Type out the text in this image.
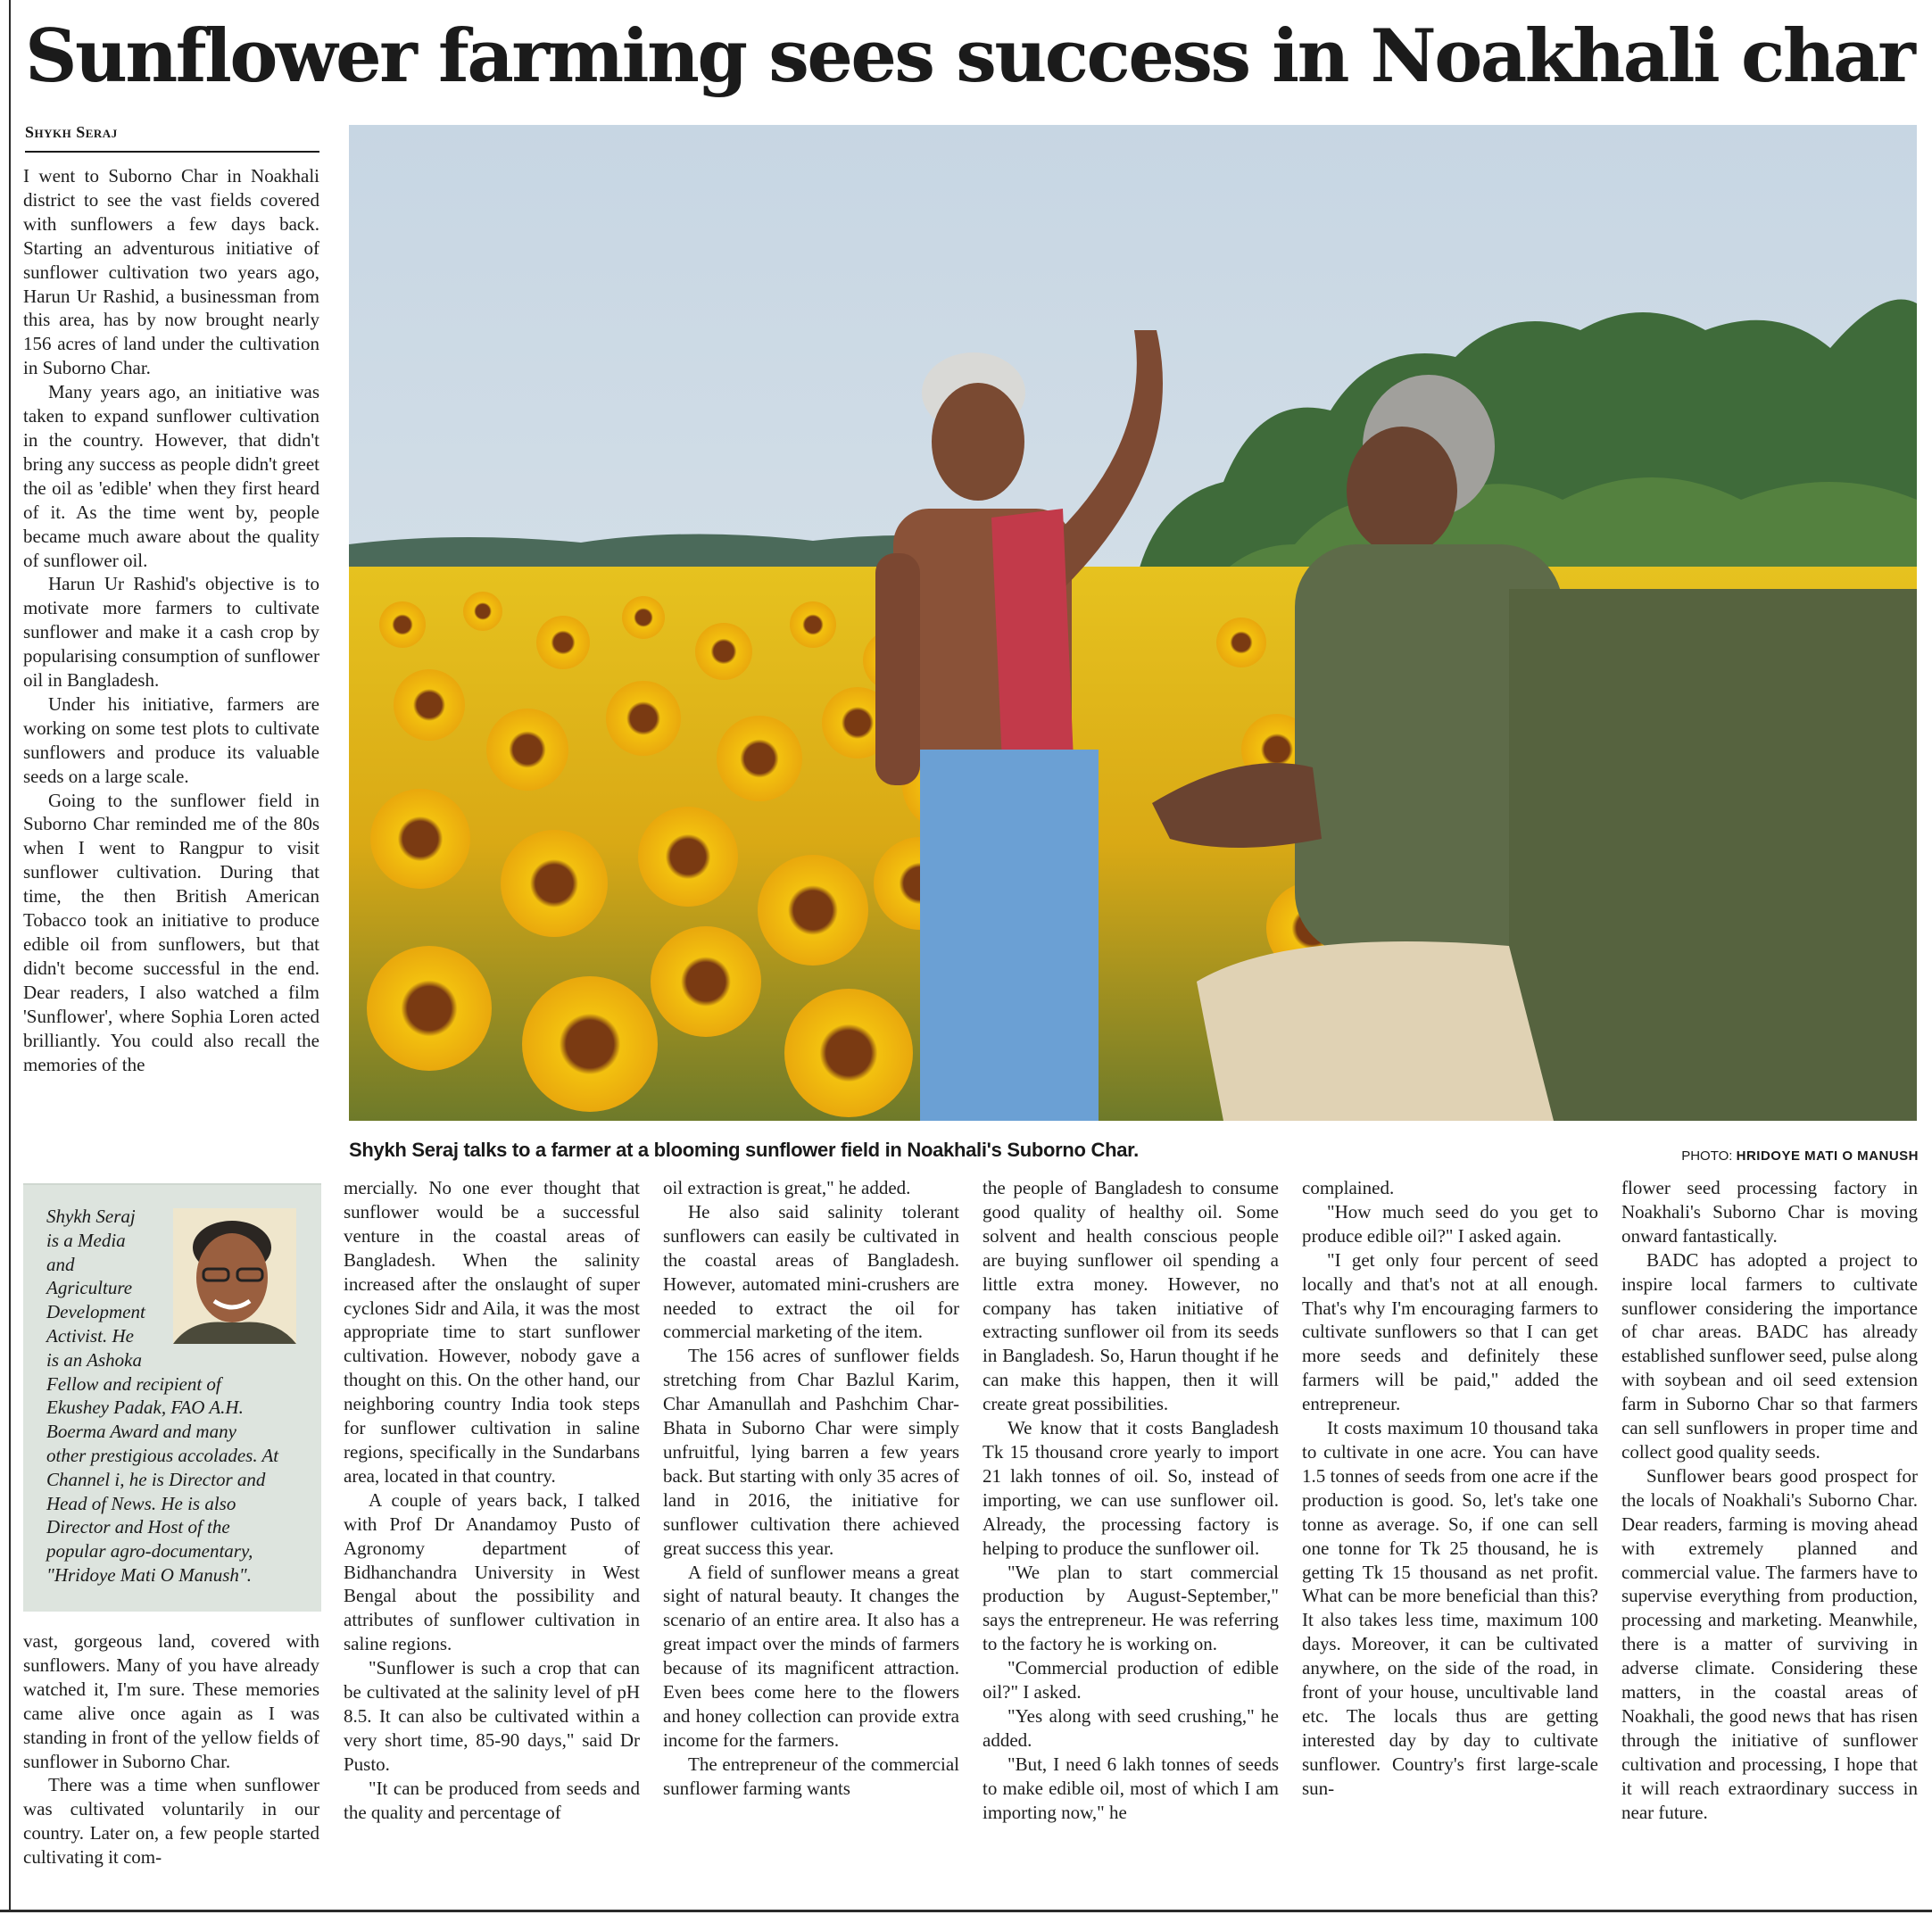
Sunflower farming sees success in Noakhali char
Shykh Seraj

I went to Suborno Char in Noakhali district to see the vast fields covered with sunflowers a few days back. Starting an adventurous initiative of sunflower cultivation two years ago, Harun Ur Rashid, a businessman from this area, has by now brought nearly 156 acres of land under the cultivation in Suborno Char.

Many years ago, an initiative was taken to expand sunflower cultivation in the country. However, that didn't bring any success as people didn't greet the oil as 'edible' when they first heard of it. As the time went by, people became much aware about the quality of sunflower oil.

Harun Ur Rashid's objective is to motivate more farmers to cultivate sunflower and make it a cash crop by popularising consumption of sunflower oil in Bangladesh.

Under his initiative, farmers are working on some test plots to cultivate sunflowers and produce its valuable seeds on a large scale.

Going to the sunflower field in Suborno Char reminded me of the 80s when I went to Rangpur to visit sunflower cultivation. During that time, the then British American Tobacco took an initiative to produce edible oil from sunflowers, but that didn't become successful in the end. Dear readers, I also watched a film 'Sunflower', where Sophia Loren acted brilliantly. You could also recall the memories of the

Shykh Seraj talks to a farmer at a blooming sunflower field in Noakhali's Suborno Char.	PHOTO: HRIDOYE MATI O MANUSH
Shykh Seraj
is a Media
and
Agriculture
Development
Activist. He
is an Ashoka
Fellow and recipient of
Ekushey Padak, FAO A.H.
Boerma Award and many
other prestigious accolades. At
Channel i, he is Director and
Head of News. He is also
Director and Host of the
popular agro-documentary,
"Hridoye Mati O Manush".

vast, gorgeous land, covered with sunflowers. Many of you have already watched it, I'm sure. These memories came alive once again as I was standing in front of the yellow fields of sunflower in Suborno Char.

There was a time when sunflower was cultivated voluntarily in our country. Later on, a few people started cultivating it com-

mercially. No one ever thought that sunflower would be a successful venture in the coastal areas of Bangladesh. When the salinity increased after the onslaught of super cyclones Sidr and Aila, it was the most appropriate time to start sunflower cultivation. However, nobody gave a thought on this. On the other hand, our neighboring country India took steps for sunflower cultivation in saline regions, specifically in the Sundarbans area, located in that country.

A couple of years back, I talked with Prof Dr Anandamoy Pusto of Agronomy department of Bidhanchandra University in West Bengal about the possibility and attributes of sunflower cultivation in saline regions.

"Sunflower is such a crop that can be cultivated at the salinity level of pH 8.5. It can also be cultivated within a very short time, 85-90 days," said Dr Pusto.

"It can be produced from seeds and the quality and percentage of

oil extraction is great," he added.

He also said salinity tolerant sunflowers can easily be cultivated in the coastal areas of Bangladesh. However, automated mini-crushers are needed to extract the oil for commercial marketing of the item.

The 156 acres of sunflower fields stretching from Char Bazlul Karim, Char Amanullah and Pashchim Char-Bhata in Suborno Char were simply unfruitful, lying barren a few years back. But starting with only 35 acres of land in 2016, the initiative for sunflower cultivation there achieved great success this year.

A field of sunflower means a great sight of natural beauty. It changes the scenario of an entire area. It also has a great impact over the minds of farmers because of its magnificent attraction. Even bees come here to the flowers and honey collection can provide extra income for the farmers.

The entrepreneur of the commercial sunflower farming wants

the people of Bangladesh to consume good quality of healthy oil. Some solvent and health conscious people are buying sunflower oil spending a little extra money. However, no company has taken initiative of extracting sunflower oil from its seeds in Bangladesh. So, Harun thought if he can make this happen, then it will create great possibilities.

We know that it costs Bangladesh Tk 15 thousand crore yearly to import 21 lakh tonnes of oil. So, instead of importing, we can use sunflower oil. Already, the processing factory is helping to produce the sunflower oil.

"We plan to start commercial production by August-September," says the entrepreneur. He was referring to the factory he is working on.

"Commercial production of edible oil?" I asked.

"Yes along with seed crushing," he added.

"But, I need 6 lakh tonnes of seeds to make edible oil, most of which I am importing now," he

complained.

"How much seed do you get to produce edible oil?" I asked again.

"I get only four percent of seed locally and that's not at all enough. That's why I'm encouraging farmers to cultivate sunflowers so that I can get more seeds and definitely these farmers will be paid," added the entrepreneur.

It costs maximum 10 thousand taka to cultivate in one acre. You can have 1.5 tonnes of seeds from one acre if the production is good. So, let's take one tonne as average. So, if one can sell one tonne for Tk 25 thousand, he is getting Tk 15 thousand as net profit. What can be more beneficial than this? It also takes less time, maximum 100 days. Moreover, it can be cultivated anywhere, on the side of the road, in front of your house, uncultivable land etc. The locals thus are getting interested day by day to cultivate sunflower. Country's first large-scale sun-

flower seed processing factory in Noakhali's Suborno Char is moving onward fantastically.

BADC has adopted a project to inspire local farmers to cultivate sunflower considering the importance of char areas. BADC has already established sunflower seed, pulse along with soybean and oil seed extension farm in Suborno Char so that farmers can sell sunflowers in proper time and collect good quality seeds.

Sunflower bears good prospect for the locals of Noakhali's Suborno Char. Dear readers, farming is moving ahead with extremely planned and commercial value. The farmers have to supervise everything from production, processing and marketing. Meanwhile, there is a matter of surviving in adverse climate. Considering these matters, in the coastal areas of Noakhali, the good news that has risen through the initiative of sunflower cultivation and processing, I hope that it will reach extraordinary success in near future.
